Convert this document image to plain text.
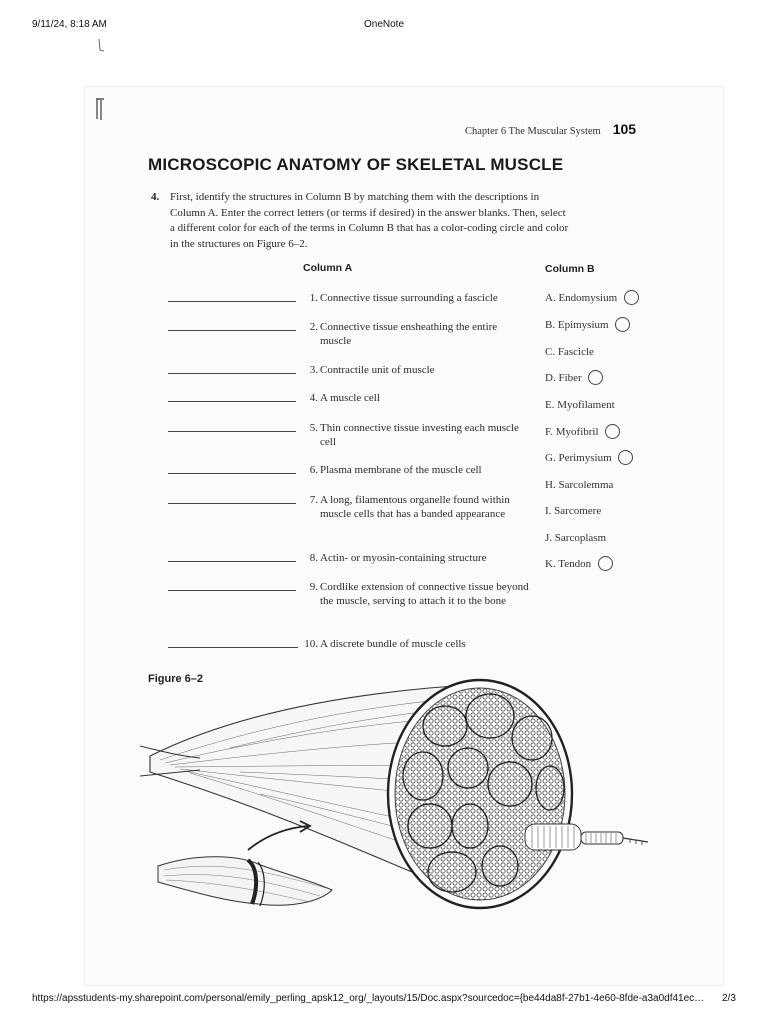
9/11/24, 8:18 AM	OneNote
Chapter 6 The Muscular System 105
MICROSCOPIC ANATOMY OF SKELETAL MUSCLE
4. First, identify the structures in Column B by matching them with the descriptions in Column A. Enter the correct letters (or terms if desired) in the answer blanks. Then, select a different color for each of the terms in Column B that has a color-coding circle and color in the structures on Figure 6–2.
Column A	Column B
1. Connective tissue surrounding a fascicle
2. Connective tissue ensheathing the entire muscle
3. Contractile unit of muscle
4. A muscle cell
5. Thin connective tissue investing each muscle cell
6. Plasma membrane of the muscle cell
7. A long, filamentous organelle found within muscle cells that has a banded appearance
8. Actin- or myosin-containing structure
9. Cordlike extension of connective tissue beyond the muscle, serving to attach it to the bone
10. A discrete bundle of muscle cells
A. Endomysium
B. Epimysium
C. Fascicle
D. Fiber
E. Myofilament
F. Myofibril
G. Perimysium
H. Sarcolemma
I. Sarcomere
J. Sarcoplasm
K. Tendon
Figure 6–2
https://apsstudents-my.sharepoint.com/personal/emily_perling_apsk12_org/_layouts/15/Doc.aspx?sourcedoc={be44da8f-27b1-4e60-8fde-a3a0df41ec… 2/3
